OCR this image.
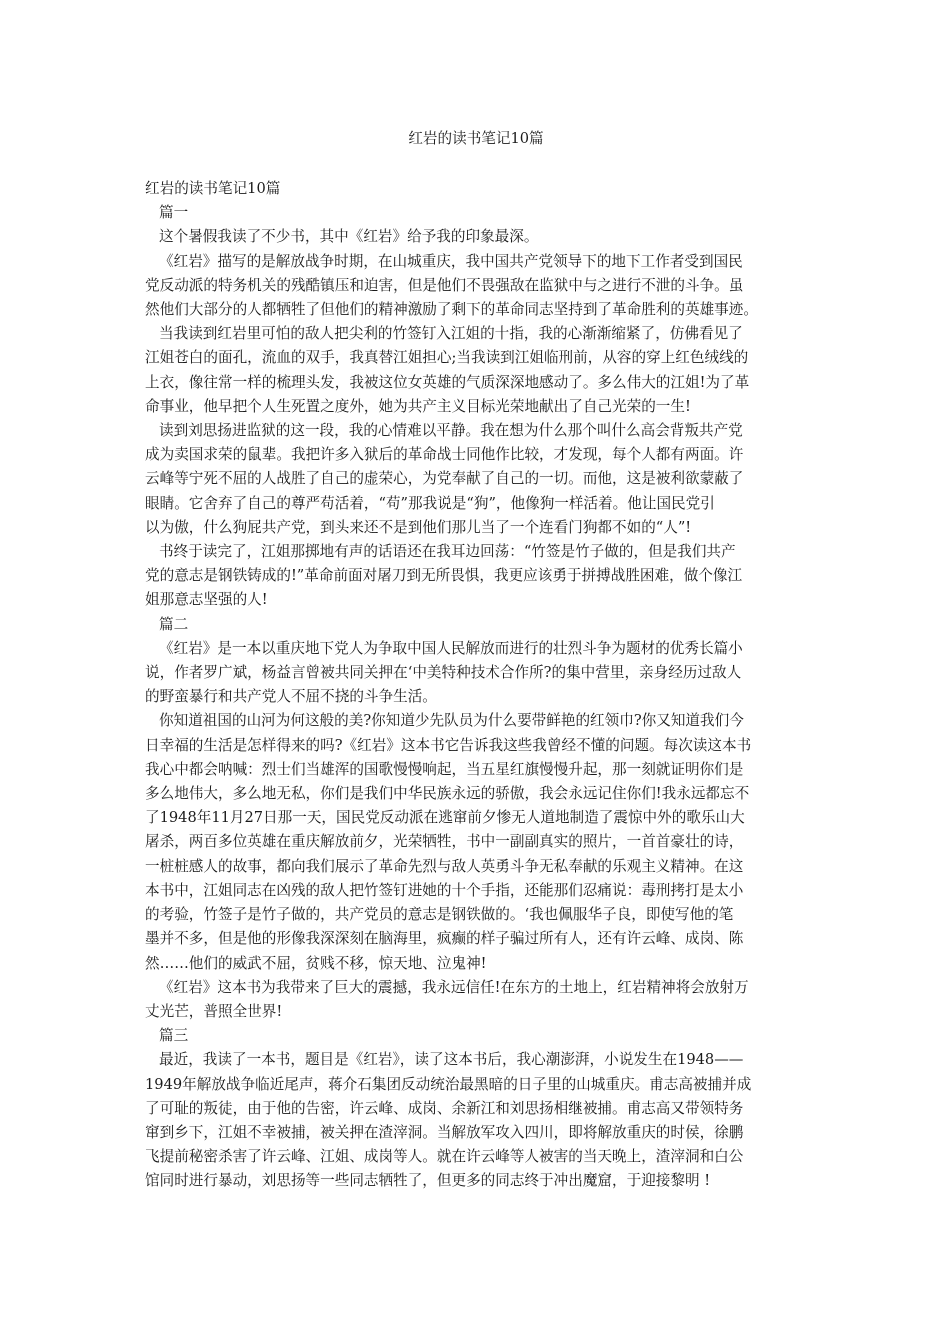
红岩的读书笔记10篇

红岩的读书笔记10篇

篇一

这个暑假我读了不少书，其中《红岩》给予我的印象最深。

《红岩》描写的是解放战争时期，在山城重庆，我中国共产党领导下的地下工作者受到国民

党反动派的特务机关的残酷镇压和迫害，但是他们不畏强敌在监狱中与之进行不泄的斗争。虽

然他们大部分的人都牺牲了但他们的精神激励了剩下的革命同志坚持到了革命胜利的英雄事迹。

当我读到红岩里可怕的敌人把尖利的竹签钉入江姐的十指，我的心渐渐缩紧了，仿佛看见了

江姐苍白的面孔，流血的双手，我真替江姐担心;当我读到江姐临刑前，从容的穿上红色绒线的

上衣，像往常一样的梳理头发，我被这位女英雄的气质深深地感动了。多么伟大的江姐!为了革

命事业，他早把个人生死置之度外，她为共产主义目标光荣地献出了自己光荣的一生!

读到刘思扬进监狱的这一段，我的心情难以平静。我在想为什么那个叫什么高会背叛共产党

成为卖国求荣的鼠辈。我把许多入狱后的革命战士同他作比较，才发现，每个人都有两面。许

云峰等宁死不屈的人战胜了自己的虚荣心，为党奉献了自己的一切。而他，这是被利欲蒙蔽了

眼睛。它舍弃了自己的尊严苟活着，“苟”那我说是“狗”，他像狗一样活着。他让国民党引

以为傲，什么狗屁共产党，到头来还不是到他们那儿当了一个连看门狗都不如的“人”!

书终于读完了，江姐那掷地有声的话语还在我耳边回荡：“竹签是竹子做的，但是我们共产

党的意志是钢铁铸成的!”革命前面对屠刀到无所畏惧，我更应该勇于拼搏战胜困难，做个像江

姐那意志坚强的人!

篇二

《红岩》是一本以重庆地下党人为争取中国人民解放而进行的壮烈斗争为题材的优秀长篇小

说，作者罗广斌，杨益言曾被共同关押在‘中美特种技术合作所?的集中营里，亲身经历过敌人

的野蛮暴行和共产党人不屈不挠的斗争生活。

你知道祖国的山河为何这般的美?你知道少先队员为什么要带鲜艳的红领巾?你又知道我们今

日幸福的生活是怎样得来的吗?《红岩》这本书它告诉我这些我曾经不懂的问题。每次读这本书

我心中都会呐喊：烈士们当雄浑的国歌慢慢响起，当五星红旗慢慢升起，那一刻就证明你们是

多么地伟大，多么地无私，你们是我们中华民族永远的骄傲，我会永远记住你们!我永远都忘不

了1948年11月27日那一天，国民党反动派在逃窜前夕惨无人道地制造了震惊中外的歌乐山大

屠杀，两百多位英雄在重庆解放前夕，光荣牺牲，书中一副副真实的照片，一首首豪壮的诗，

一桩桩感人的故事，都向我们展示了革命先烈与敌人英勇斗争无私奉献的乐观主义精神。在这

本书中，江姐同志在凶残的敌人把竹签钉进她的十个手指，还能那们忍痛说：毒刑拷打是太小

的考验，竹签子是竹子做的，共产党员的意志是钢铁做的。‘我也佩服华子良，即使写他的笔

墨并不多，但是他的形像我深深刻在脑海里，疯癫的样子骗过所有人，还有许云峰、成岗、陈

然……他们的威武不屈，贫贱不移，惊天地、泣鬼神!

《红岩》这本书为我带来了巨大的震撼，我永远信任!在东方的土地上，红岩精神将会放射万

丈光芒，普照全世界!

篇三

最近，我读了一本书，题目是《红岩》，读了这本书后，我心潮澎湃，小说发生在1948——

1949年解放战争临近尾声，蒋介石集团反动统治最黑暗的日子里的山城重庆。甫志高被捕并成

了可耻的叛徒，由于他的告密，许云峰、成岗、余新江和刘思扬相继被捕。甫志高又带领特务

窜到乡下，江姐不幸被捕，被关押在渣滓洞。当解放军攻入四川，即将解放重庆的时侯，徐鹏

飞提前秘密杀害了许云峰、江姐、成岗等人。就在许云峰等人被害的当天晚上，渣滓洞和白公

馆同时进行暴动，刘思扬等一些同志牺牲了，但更多的同志终于冲出魔窟，于迎接黎明 !
